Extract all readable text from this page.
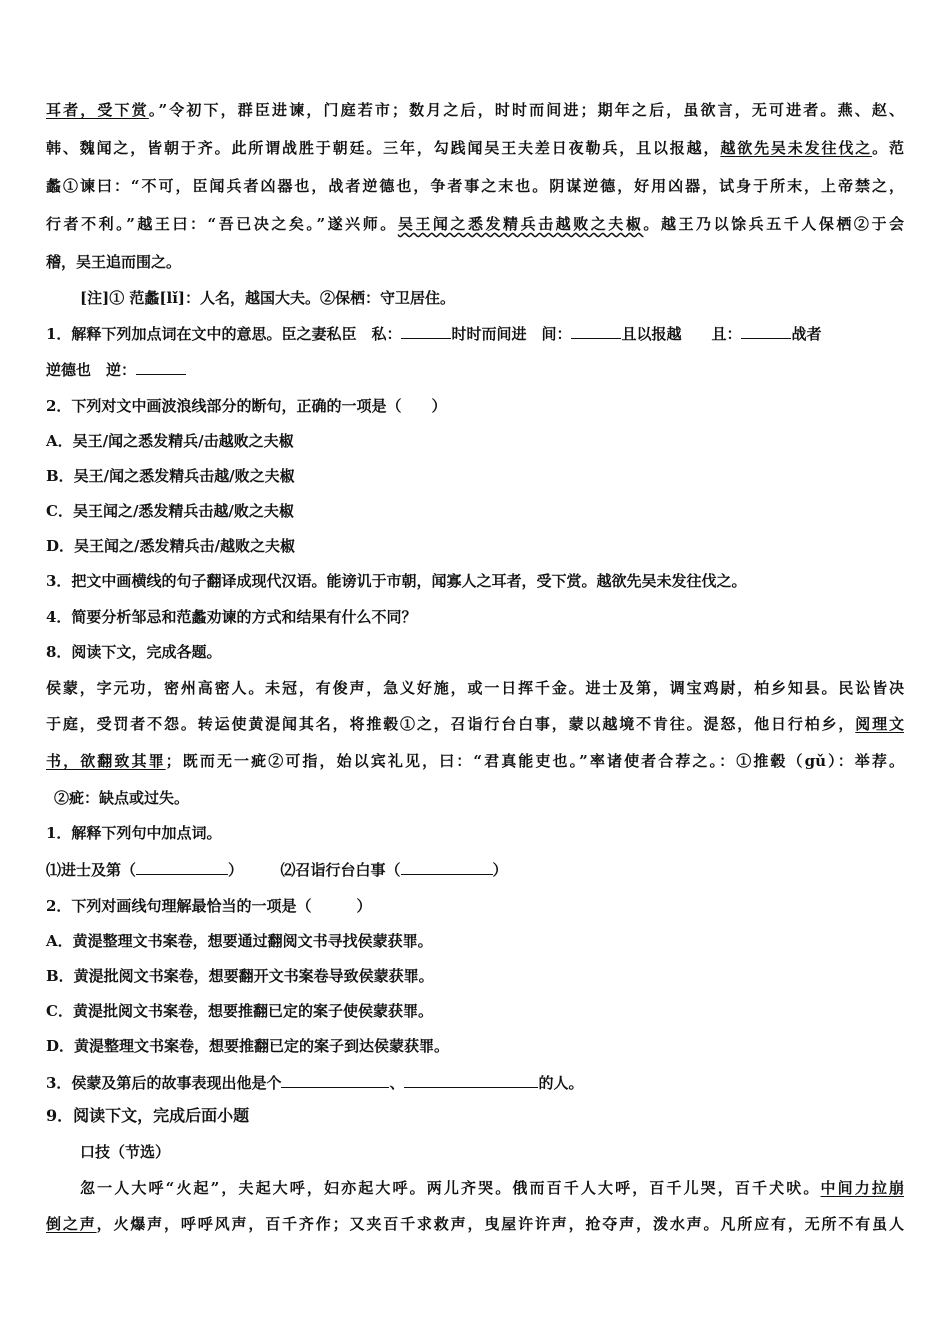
耳者，受下赏。”令初下，群臣进谏，门庭若市；数月之后，时时而间进；期年之后，虽欲言，无可进者。燕、赵、
韩、魏闻之，皆朝于齐。此所谓战胜于朝廷。三年，勾践闻吴王夫差日夜勒兵，且以报越，越欲先吴未发往伐之。范
蠡①谏曰：“不可，臣闻兵者凶器也，战者逆德也，争者事之末也。阴谋逆德，好用凶器，试身于所末，上帝禁之，
行者不利。”越王曰：“吾已决之矣。”遂兴师。吴王闻之悉发精兵击越败之夫椒。越王乃以馀兵五千人保栖②于会
稽，吴王追而围之。
[注]① 范蠡[lǐ]：人名，越国大夫。②保栖：守卫居住。
1．解释下列加点词在文中的意思。臣之妻私臣　私：	时时而间进　间：	且以报越　　且：	战者
逆德也　逆：
2．下列对文中画波浪线部分的断句，正确的一项是（　　）
A．吴王/闻之悉发精兵/击越败之夫椒
B．吴王/闻之悉发精兵击越/败之夫椒
C．吴王闻之/悉发精兵击越/败之夫椒
D．吴王闻之/悉发精兵击/越败之夫椒
3．把文中画横线的句子翻译成现代汉语。能谤讥于市朝，闻寡人之耳者，受下赏。越欲先吴未发往伐之。
4．简要分析邹忌和范蠡劝谏的方式和结果有什么不同？
8．阅读下文，完成各题。
侯蒙，字元功，密州高密人。未冠，有俊声，急义好施，或一日挥千金。进士及第，调宝鸡尉，柏乡知县。民讼皆决
于庭，受罚者不怨。转运使黄湜闻其名，将推毂①之，召诣行台白事，蒙以越境不肯往。湜怒，他日行柏乡，阅理文
书，欲翻致其罪；既而无一疵②可指，始以宾礼见，曰：“君真能吏也。”率诸使者合荐之。：①推毂（gǔ）：举荐。
②疵：缺点或过失。
1．解释下列句中加点词。
⑴进士及第（	）　　　⑵召诣行台白事（	）
2．下列对画线句理解最恰当的一项是（　　　）
A．黄湜整理文书案卷，想要通过翻阅文书寻找侯蒙获罪。
B．黄湜批阅文书案卷，想要翻开文书案卷导致侯蒙获罪。
C．黄湜批阅文书案卷，想要推翻已定的案子使侯蒙获罪。
D．黄湜整理文书案卷，想要推翻已定的案子到达侯蒙获罪。
3．侯蒙及第后的故事表现出他是个	、	的人。
9．阅读下文，完成后面小题
口技（节选）
忽一人大呼“火起”，夫起大呼，妇亦起大呼。两儿齐哭。俄而百千人大呼，百千儿哭，百千犬吠。中间力拉崩
倒之声，火爆声，呼呼风声，百千齐作；又夹百千求救声，曳屋许许声，抢夺声，泼水声。凡所应有，无所不有虽人
